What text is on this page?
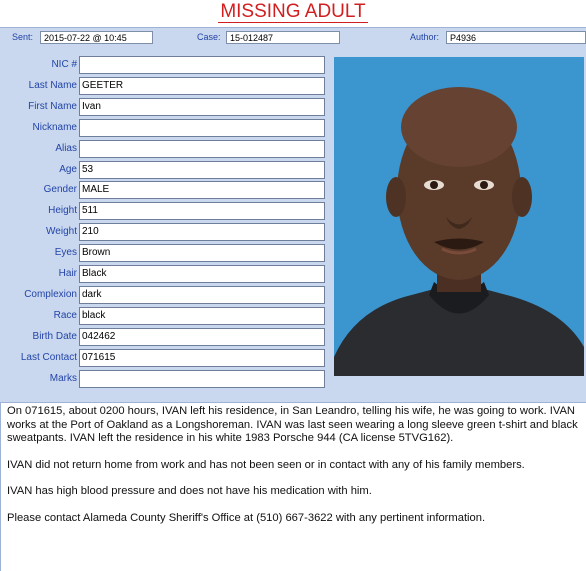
MISSING ADULT
Sent:	2015-07-22 @ 10:45	Case:	15-012487	Author:	P4936
NIC #
Last Name GEETER
First Name Ivan
Nickname
Alias
Age 53
Gender MALE
Height 511
Weight 210
Eyes Brown
Hair Black
Complexion dark
Race black
Birth Date 042462
Last Contact 071615
Marks

On 071615, about 0200 hours, IVAN left his residence, in San Leandro, telling his wife, he was going to work. IVAN works at the Port of Oakland as a Longshoreman. IVAN was last seen wearing a long sleeve green t-shirt and black sweatpants. IVAN left the residence in his white 1983 Porsche 944 (CA license 5TVG162).

IVAN did not return home from work and has not been seen or in contact with any of his family members.

IVAN has high blood pressure and does not have his medication with him.

Please contact Alameda County Sheriff's Office at (510) 667-3622 with any pertinent information.
